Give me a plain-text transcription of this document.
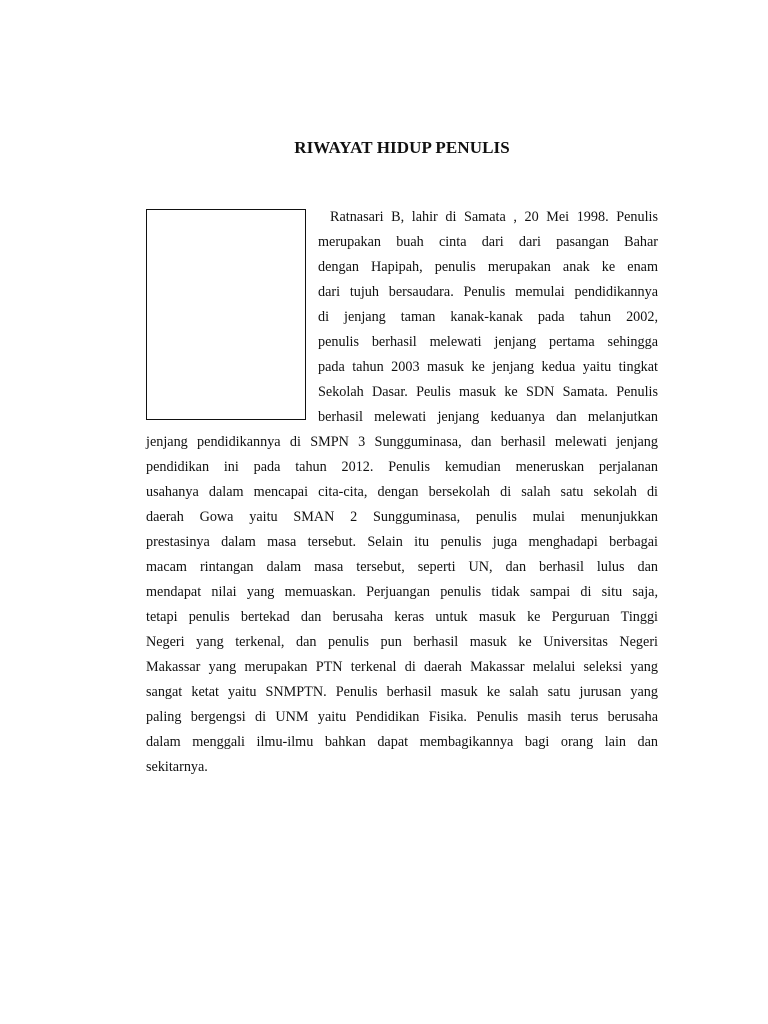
RIWAYAT HIDUP PENULIS

Ratnasari B, lahir di Samata , 20 Mei 1998. Penulis

merupakan buah cinta dari dari pasangan Bahar

dengan Hapipah, penulis merupakan anak ke enam

dari tujuh bersaudara. Penulis memulai pendidikannya

di jenjang taman kanak-kanak pada tahun 2002,

penulis berhasil melewati jenjang pertama sehingga

pada tahun 2003 masuk ke jenjang kedua yaitu tingkat

Sekolah Dasar. Peulis masuk ke SDN Samata. Penulis

berhasil melewati jenjang keduanya dan melanjutkan

jenjang pendidikannya di SMPN 3 Sungguminasa, dan berhasil melewati jenjang

pendidikan ini pada tahun 2012. Penulis kemudian meneruskan perjalanan

usahanya dalam mencapai cita-cita, dengan bersekolah di salah satu sekolah di

daerah Gowa yaitu SMAN 2 Sungguminasa, penulis mulai menunjukkan

prestasinya dalam masa tersebut. Selain itu penulis juga menghadapi berbagai

macam rintangan dalam masa tersebut, seperti UN, dan berhasil lulus dan

mendapat nilai yang memuaskan. Perjuangan penulis tidak sampai di situ saja,

tetapi penulis bertekad dan berusaha keras untuk masuk ke Perguruan Tinggi

Negeri yang terkenal, dan penulis pun berhasil masuk ke Universitas Negeri

Makassar yang merupakan PTN terkenal di daerah Makassar melalui seleksi yang

sangat ketat yaitu SNMPTN. Penulis berhasil masuk ke salah satu jurusan yang

paling bergengsi di UNM yaitu Pendidikan Fisika. Penulis masih terus berusaha

dalam menggali ilmu-ilmu bahkan dapat membagikannya bagi orang lain dan

sekitarnya.
